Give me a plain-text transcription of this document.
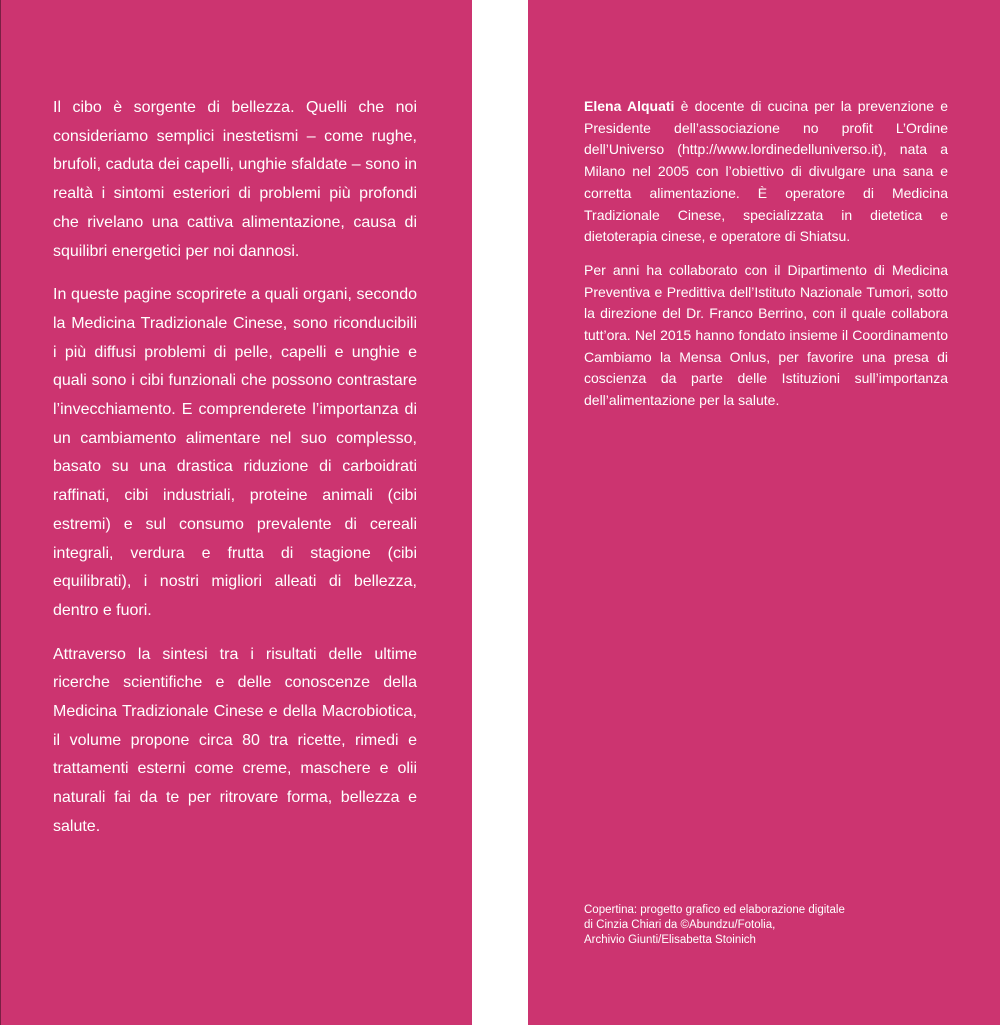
Il cibo è sorgente di bellezza. Quelli che noi consideriamo semplici inestetismi – come rughe, brufoli, caduta dei capelli, unghie sfaldate – sono in realtà i sintomi esteriori di problemi più profondi che rivelano una cattiva alimentazione, causa di squilibri energetici per noi dannosi.

In queste pagine scoprirete a quali organi, secondo la Medicina Tradizionale Cinese, sono riconducibili i più diffusi problemi di pelle, capelli e unghie e quali sono i cibi funzionali che possono contrastare l’invecchiamento. E comprenderete l’importanza di un cambiamento alimentare nel suo complesso, basato su una drastica riduzione di carboidrati raffinati, cibi industriali, proteine animali (cibi estremi) e sul consumo prevalente di cereali integrali, verdura e frutta di stagione (cibi equilibrati), i nostri migliori alleati di bellezza, dentro e fuori.

Attraverso la sintesi tra i risultati delle ultime ricerche scientifiche e delle conoscenze della Medicina Tradizionale Cinese e della Macrobiotica, il volume propone circa 80 tra ricette, rimedi e trattamenti esterni come creme, maschere e olii naturali fai da te per ritrovare forma, bellezza e salute.

Elena Alquati è docente di cucina per la prevenzione e Presidente dell’associazione no profit L’Ordine dell’Universo (http://www.lordinedelluniverso.it), nata a Milano nel 2005 con l’obiettivo di divulgare una sana e corretta alimentazione. È operatore di Medicina Tradizionale Cinese, specializzata in dietetica e dietoterapia cinese, e operatore di Shiatsu.

Per anni ha collaborato con il Dipartimento di Medicina Preventiva e Predittiva dell’Istituto Nazionale Tumori, sotto la direzione del Dr. Franco Berrino, con il quale collabora tutt’ora. Nel 2015 hanno fondato insieme il Coordinamento Cambiamo la Mensa Onlus, per favorire una presa di coscienza da parte delle Istituzioni sull’importanza dell’alimentazione per la salute.

Copertina: progetto grafico ed elaborazione digitale
di Cinzia Chiari da ©Abundzu/Fotolia,
Archivio Giunti/Elisabetta Stoinich
